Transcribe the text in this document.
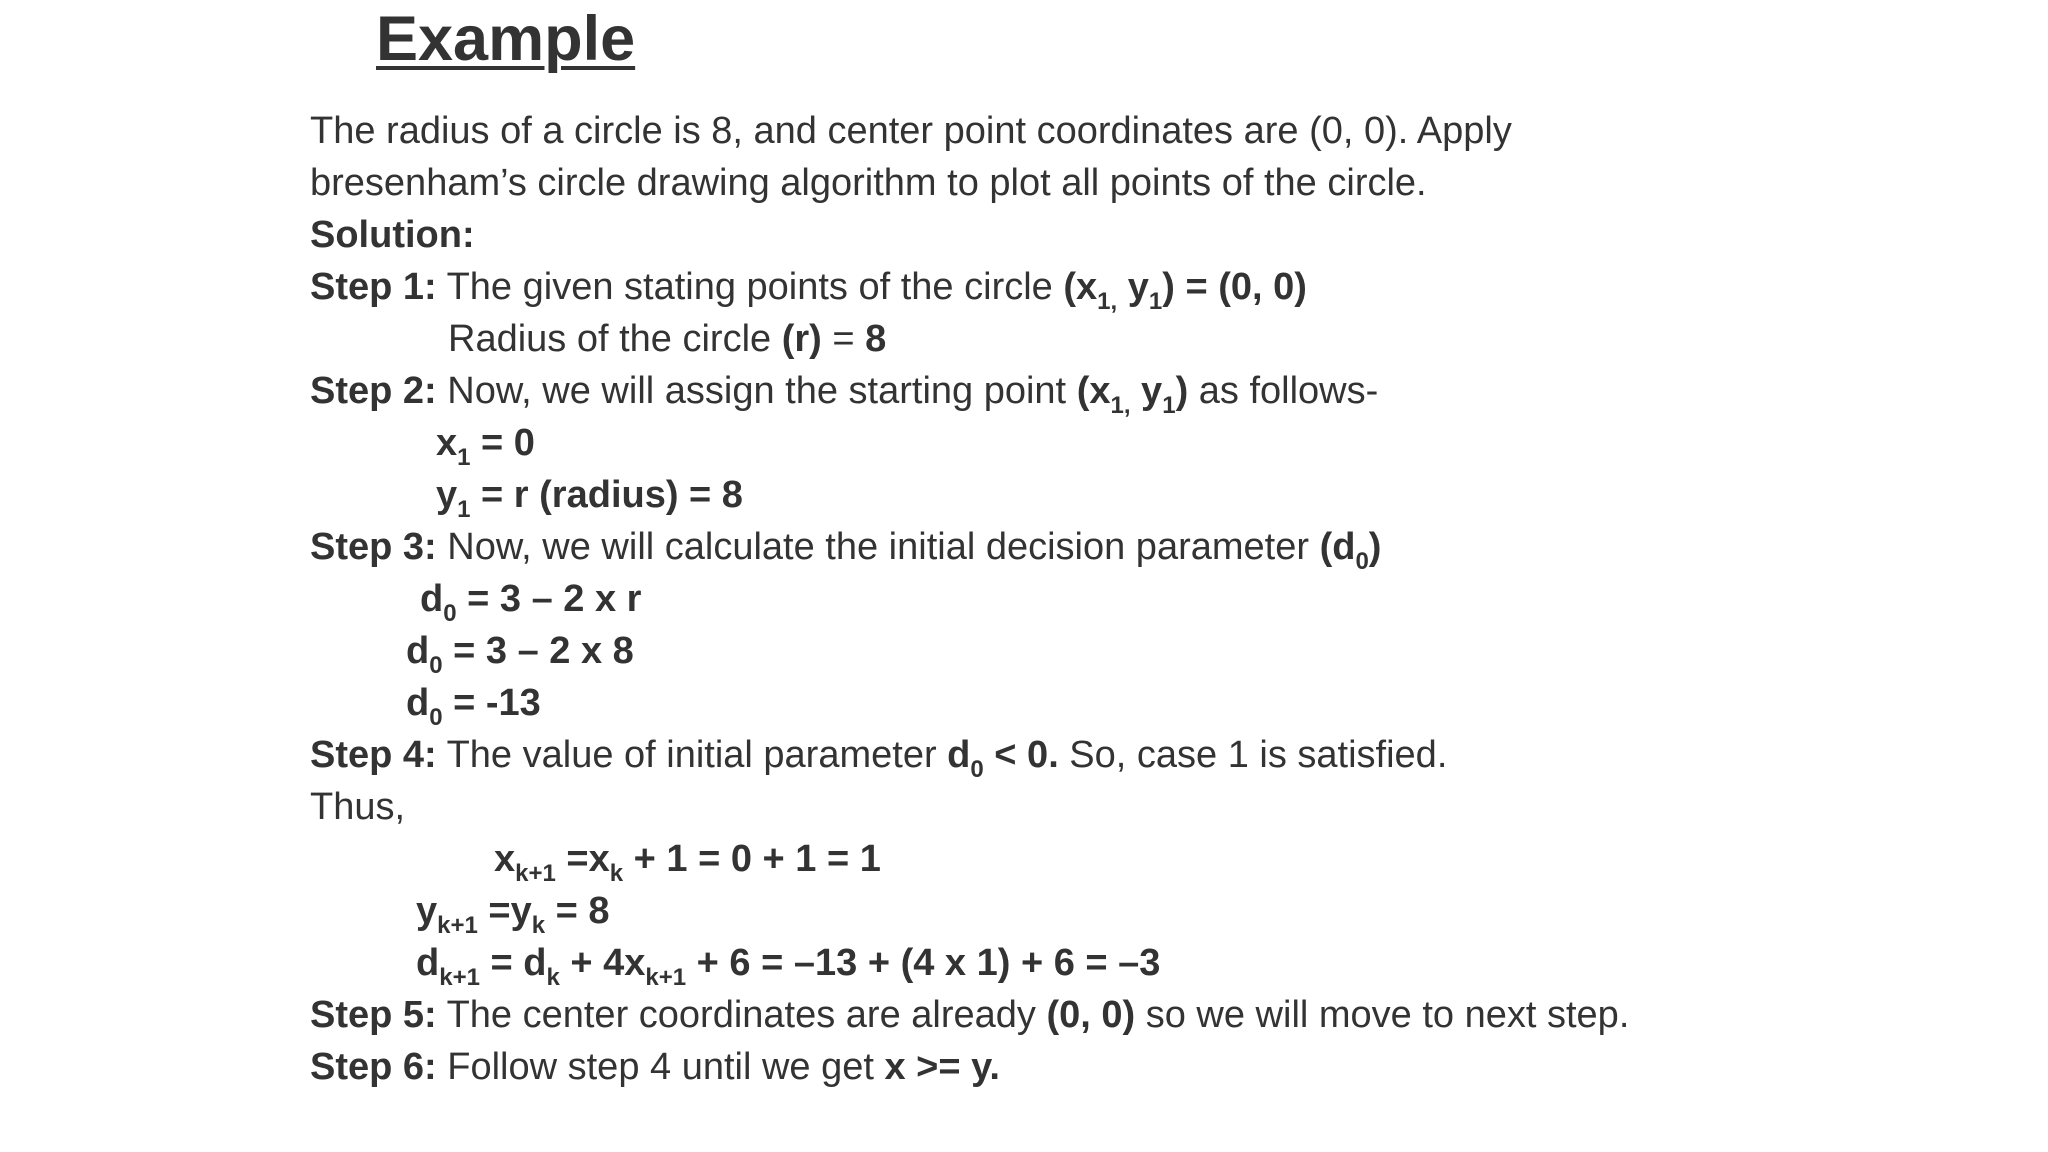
Example
The radius of a circle is 8, and center point coordinates are (0, 0). Apply
bresenham’s circle drawing algorithm to plot all points of the circle.
Solution:
Step 1: The given stating points of the circle ($x_{1,}$ $y_1) = (0$, 0)
Radius of the circle (r) = 8
Step 2: Now, we will assign the starting point ($x_{1,}$ $y_1$) as follows-
$x_1 = 0$
$y_1 = r$ (radius) = 8
Step 3: Now, we will calculate the initial decision parameter $(d_0)$
$d_0 = 3 - 2$ x r
$d_0 = 3 - 2$ x 8
$d_0 = -13$
Step 4: The value of initial parameter $d_0 < 0$. So, case 1 is satisfied.
Thus,
$x_{k+1} =x_k + 1 = 0 + 1 = 1$
$y_{k+1} =y_k = 8$
$d_{k+1} = d_k + 4x_{k+1} + 6 = -13 + (4$ x 1) + 6 = –3
Step 5: The center coordinates are already (0, 0) so we will move to next step.
Step 6: Follow step 4 until we get x >= y.
